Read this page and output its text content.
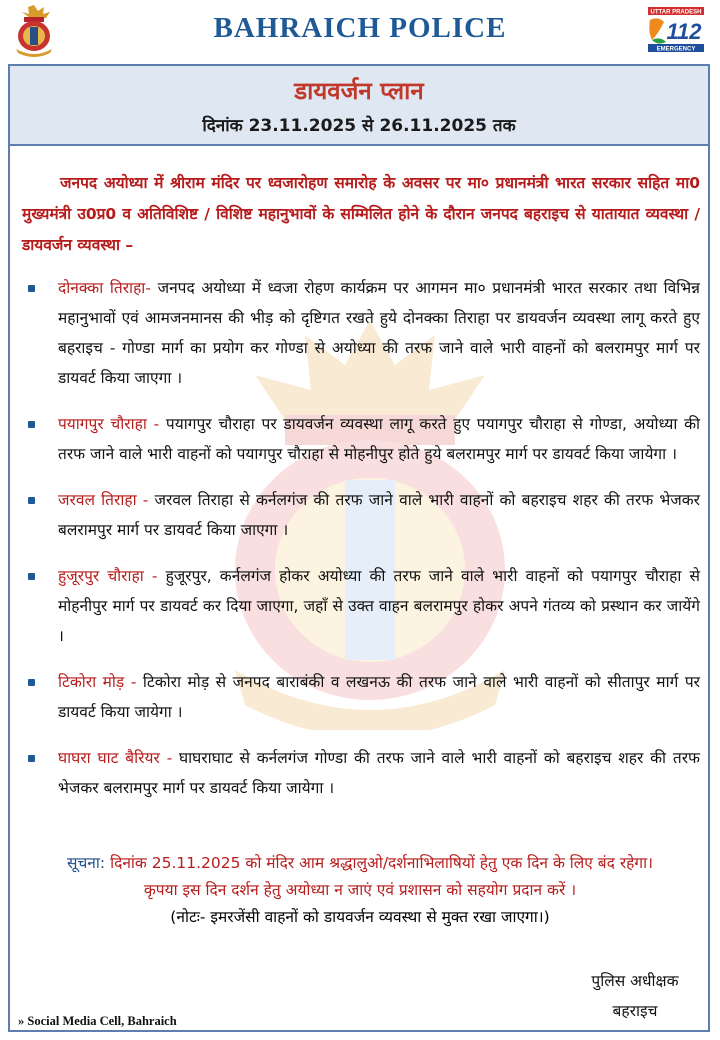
BAHRAICH POLICE	UTTAR PRADESH
112
EMERGENCY
डायवर्जन प्लान
दिनांक 23.11.2025 से 26.11.2025 तक

जनपद अयोध्या में श्रीराम मंदिर पर ध्वजारोहण समारोह के अवसर पर मा० प्रधानमंत्री भारत सरकार सहित मा0 मुख्यमंत्री उ0प्र0 व अतिविशिष्ट / विशिष्ट महानुभावों के सम्मिलित होने के दौरान जनपद बहराइच से यातायात व्यवस्था / डायवर्जन व्यवस्था –

दोनक्का तिराहा- जनपद अयोध्या में ध्वजा रोहण कार्यक्रम पर आगमन मा० प्रधानमंत्री भारत सरकार तथा विभिन्न महानुभावों एवं आमजनमानस की भीड़ को दृष्टिगत रखते हुये दोनक्का तिराहा पर डायवर्जन व्यवस्था लागू करते हुए बहराइच - गोण्डा मार्ग का प्रयोग कर गोण्डा से अयोध्या की तरफ जाने वाले भारी वाहनों को बलरामपुर मार्ग पर डायवर्ट किया जाएगा ।
पयागपुर चौराहा - पयागपुर चौराहा पर डायवर्जन व्यवस्था लागू करते हुए पयागपुर चौराहा से गोण्डा, अयोध्या की तरफ जाने वाले भारी वाहनों को पयागपुर चौराहा से मोहनीपुर होते हुये बलरामपुर मार्ग पर डायवर्ट किया जायेगा ।
जरवल तिराहा - जरवल तिराहा से कर्नलगंज की तरफ जाने वाले भारी वाहनों को बहराइच शहर की तरफ भेजकर बलरामपुर मार्ग पर डायवर्ट किया जाएगा ।
हुजूरपुर चौराहा - हुजूरपुर, कर्नलगंज होकर अयोध्या की तरफ जाने वाले भारी वाहनों को पयागपुर चौराहा से मोहनीपुर मार्ग पर डायवर्ट कर दिया जाएगा, जहाँ से उक्त वाहन बलरामपुर होकर अपने गंतव्य को प्रस्थान कर जायेंगे ।
टिकोरा मोड़ - टिकोरा मोड़ से जनपद बाराबंकी व लखनऊ की तरफ जाने वाले भारी वाहनों को सीतापुर मार्ग पर डायवर्ट किया जायेगा ।
घाघरा घाट बैरियर - घाघराघाट से कर्नलगंज गोण्डा की तरफ जाने वाले भारी वाहनों को बहराइच शहर की तरफ भेजकर बलरामपुर मार्ग पर डायवर्ट किया जायेगा ।
सूचना: दिनांक 25.11.2025 को मंदिर आम श्रद्धालुओ/दर्शनाभिलाषियों हेतु एक दिन के लिए बंद रहेगा।
कृपया इस दिन दर्शन हेतु अयोध्या न जाएं एवं प्रशासन को सहयोग प्रदान करें ।
(नोटः- इमरजेंसी वाहनों को डायवर्जन व्यवस्था से मुक्त रखा जाएगा।)
पुलिस अधीक्षक
बहराइच
» Social Media Cell, Bahraich
